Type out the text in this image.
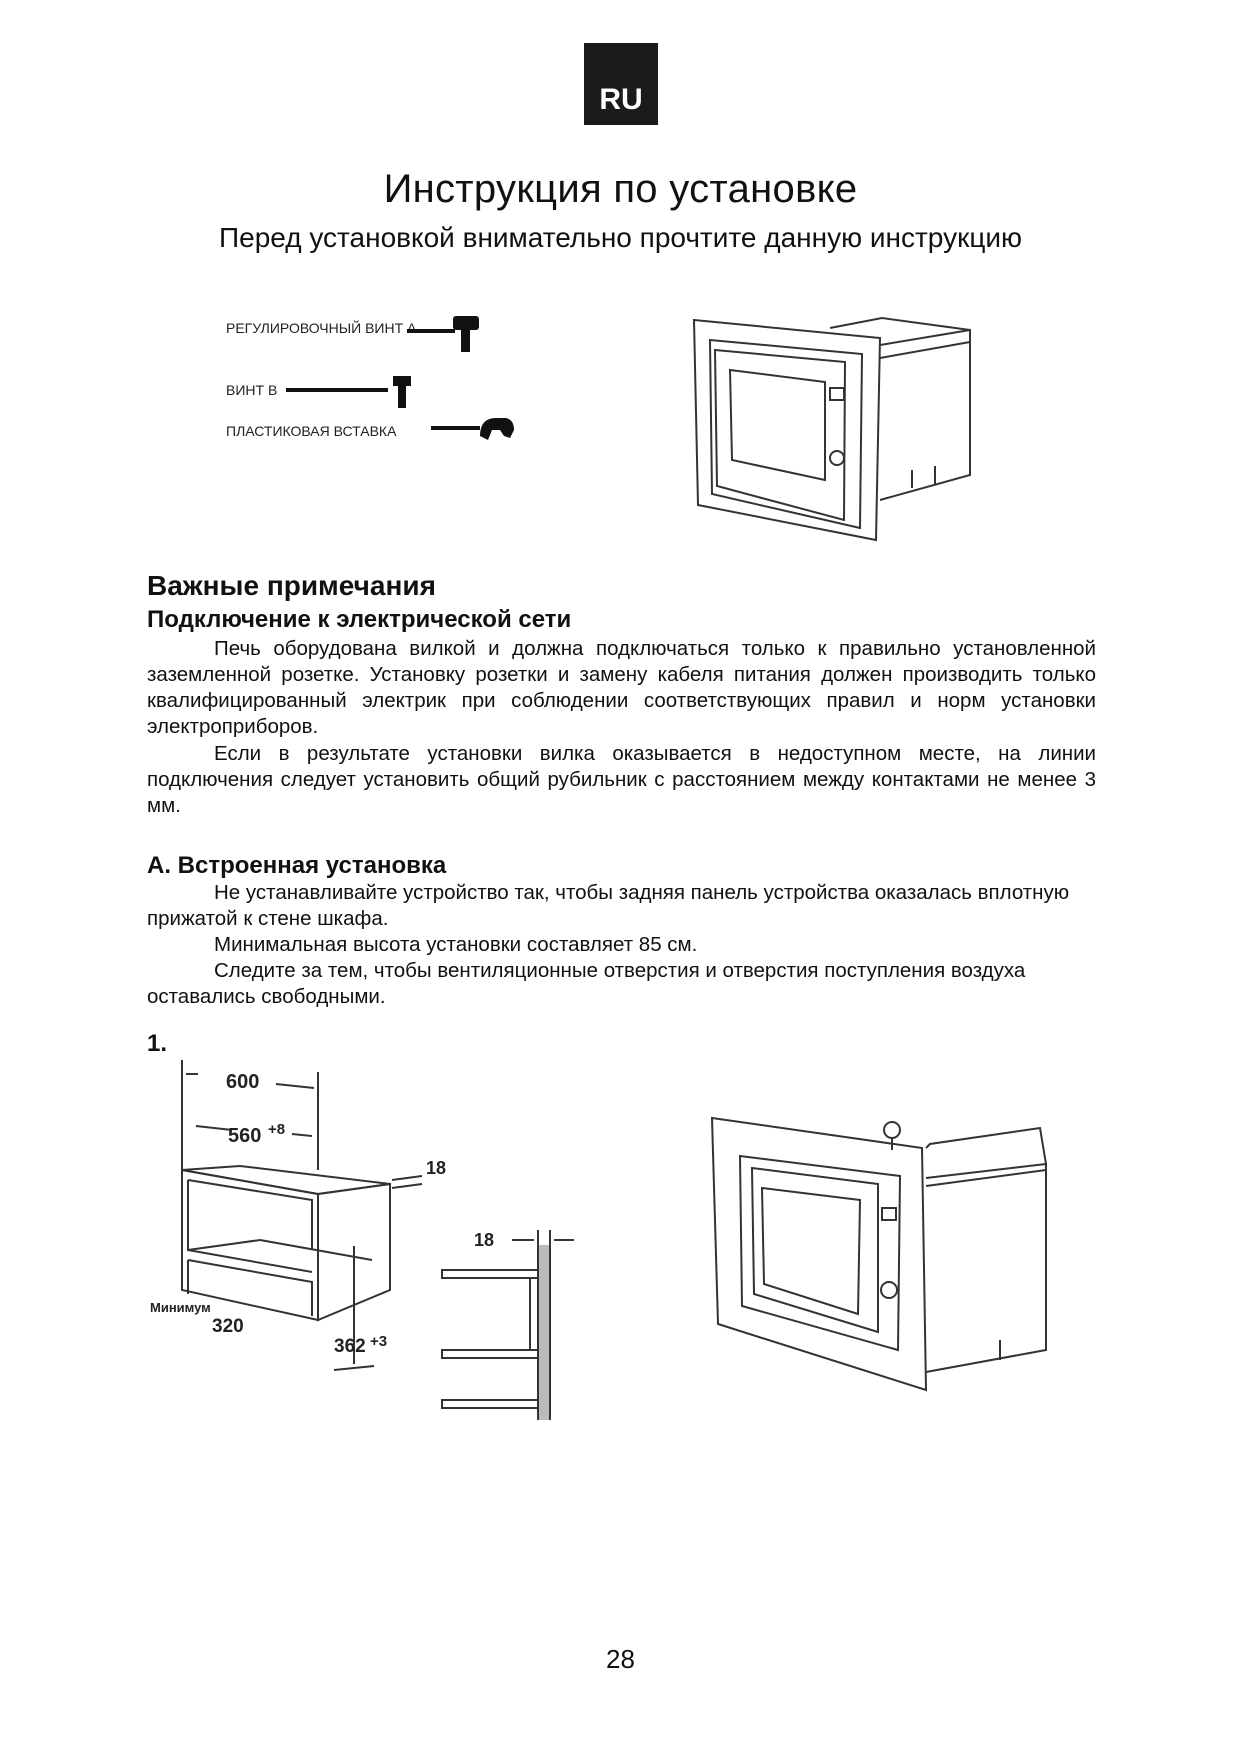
RU
Инструкция по установке
Перед установкой внимательно прочтите данную инструкцию
РЕГУЛИРОВОЧНЫЙ ВИНТ А
ВИНТ В
ПЛАСТИКОВАЯ ВСТАВКА
Важные примечания
Подключение к электрической сети

Печь оборудована вилкой и должна подключаться только к правильно установленной заземленной розетке. Установку розетки и замену кабеля питания должен производить только квалифицированный электрик при соблюдении соответствующих правил и норм установки электроприборов.

Если в результате установки вилка оказывается в недоступном месте, на линии подключения следует установить общий рубильник с расстоянием между контактами не менее 3 мм.

A. Встроенная установка

Не устанавливайте устройство так, чтобы задняя панель устройства оказалась вплотную прижатой к стене шкафа.

Минимальная высота установки составляет 85 см.

Следите за тем, чтобы вентиляционные отверстия и отверстия поступления воздуха оставались свободными.

1.
600
560 +8
18
18
Минимум
320
362 +3
28
